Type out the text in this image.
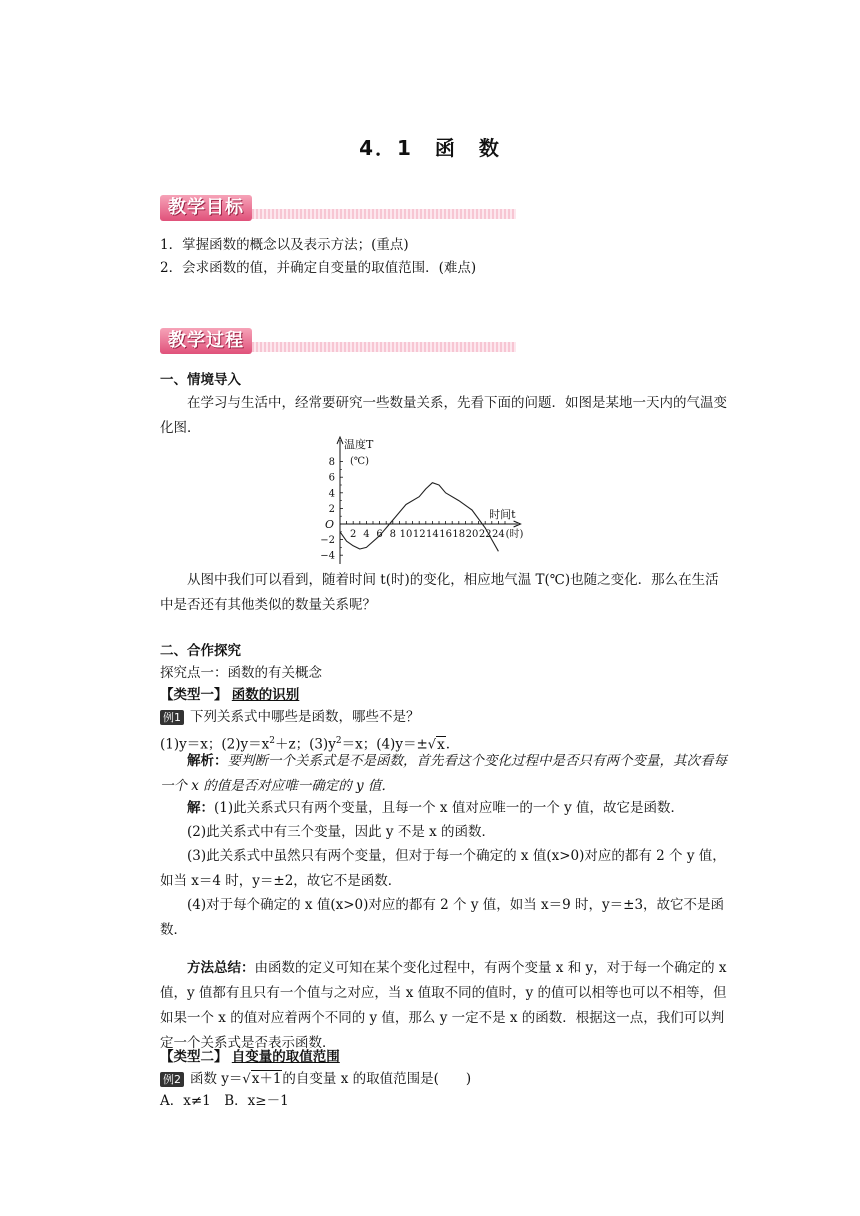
4．1　函　数
教学目标
1．掌握函数的概念以及表示方法；(重点)
2．会求函数的值，并确定自变量的取值范围．(难点)
教学过程
一、情境导入
在学习与生活中，经常要研究一些数量关系，先看下面的问题．如图是某地一天内的气温变化图．
2 4 6 8 10 12 14 16 18 20 22 24
−4
−2
2
4
6
8
O
温度T
(℃)
时间t
(时)
从图中我们可以看到，随着时间 t(时)的变化，相应地气温 T(℃)也随之变化．那么在生活中是否还有其他类似的数量关系呢？
二、合作探究
探究点一：函数的有关概念
【类型一】 函数的识别
例1 下列关系式中哪些是函数，哪些不是？
(1)y＝x；$(2)y=x^2+z$；$(3)y^2=x$；(4)y＝±√x.
解析：要判断一个关系式是不是函数，首先看这个变化过程中是否只有两个变量，其次看每一个 x 的值是否对应唯一确定的 y 值．
解：(1)此关系式只有两个变量，且每一个 x 值对应唯一的一个 y 值，故它是函数．
(2)此关系式中有三个变量，因此 y 不是 x 的函数．
(3)此关系式中虽然只有两个变量，但对于每一个确定的 x 值(x>0)对应的都有 2 个 y 值，如当 x＝4 时，y＝±2，故它不是函数．
(4)对于每个确定的 x 值(x>0)对应的都有 2 个 y 值，如当 x＝9 时，y＝±3，故它不是函数．
方法总结：由函数的定义可知在某个变化过程中，有两个变量 x 和 y，对于每一个确定的 x 值，y 值都有且只有一个值与之对应，当 x 值取不同的值时，y 的值可以相等也可以不相等，但如果一个 x 的值对应着两个不同的 y 值，那么 y 一定不是 x 的函数．根据这一点，我们可以判定一个关系式是否表示函数．
【类型二】 自变量的取值范围
例2 函数 y＝√x＋1的自变量 x 的取值范围是(　　)
A．x≠1　B．x≥－1
